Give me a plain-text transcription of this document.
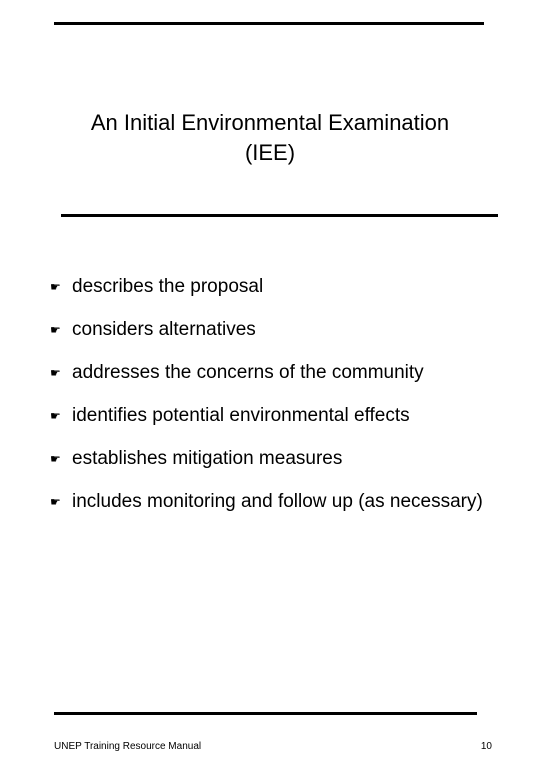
An Initial Environmental Examination
(IEE)
☛ describes the proposal
☛ considers alternatives
☛ addresses the concerns of the community
☛ identifies potential environmental effects
☛ establishes mitigation measures
☛ includes monitoring and follow up (as necessary)
UNEP Training Resource Manual	10
